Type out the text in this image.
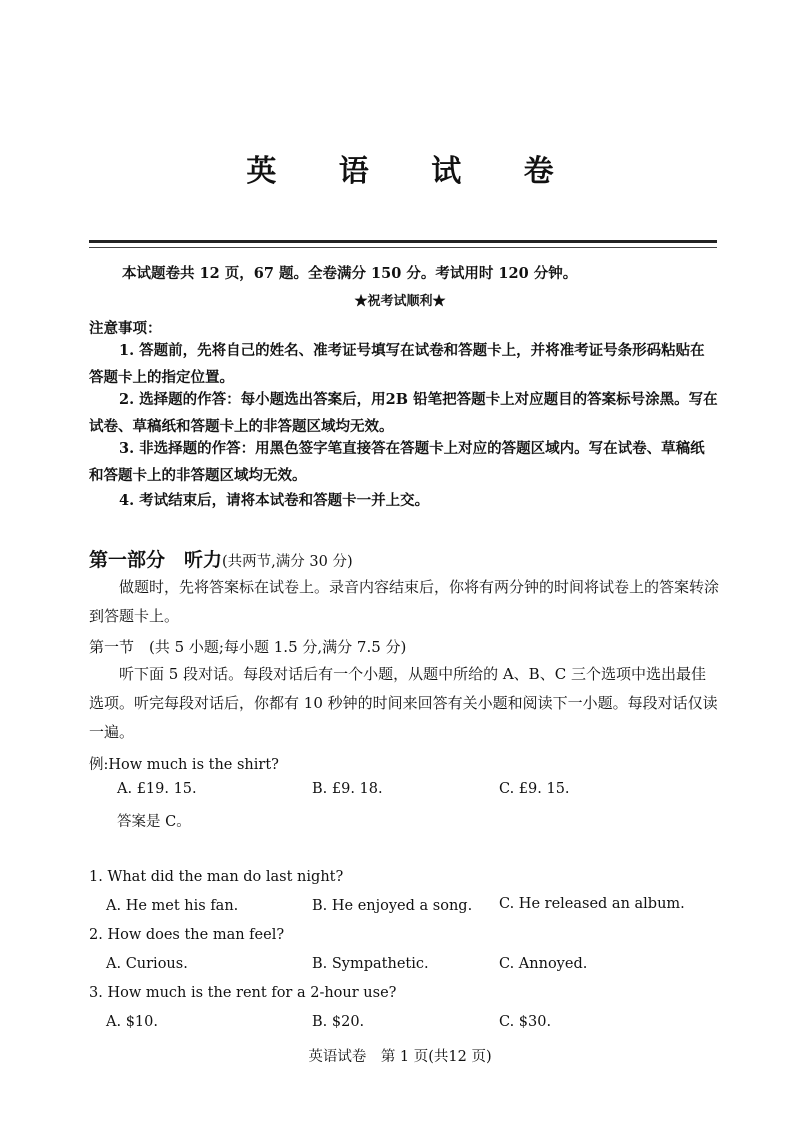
英 语 试 卷
本试题卷共 12 页，67 题。全卷满分 150 分。考试用时 120 分钟。
★祝考试顺利★
注意事项：
1. 答题前，先将自己的姓名、准考证号填写在试卷和答题卡上，并将准考证号条形码粘贴在答题卡上的指定位置。
2. 选择题的作答：每小题选出答案后，用2B 铅笔把答题卡上对应题目的答案标号涂黑。写在试卷、草稿纸和答题卡上的非答题区域均无效。
3. 非选择题的作答：用黑色签字笔直接答在答题卡上对应的答题区域内。写在试卷、草稿纸和答题卡上的非答题区域均无效。
4. 考试结束后，请将本试卷和答题卡一并上交。
第一部分　听力(共两节,满分 30 分)
做题时，先将答案标在试卷上。录音内容结束后，你将有两分钟的时间将试卷上的答案转涂到答题卡上。
第一节　(共 5 小题;每小题 1.5 分,满分 7.5 分)
听下面 5 段对话。每段对话后有一个小题，从题中所给的 A、B、C 三个选项中选出最佳选项。听完每段对话后，你都有 10 秒钟的时间来回答有关小题和阅读下一小题。每段对话仅读一遍。
例:How much is the shirt?
A. £19. 15.	B. £9. 18.	C. £9. 15.
答案是 C。
1. What did the man do last night?
A. He met his fan.	B. He enjoyed a song. C. He released an album.
2. How does the man feel?
A. Curious.	B. Sympathetic.	C. Annoyed.
3. How much is the rent for a 2-hour use?
A. $10.	B. $20.	C. $30.
英语试卷　第 1 页(共12 页)
